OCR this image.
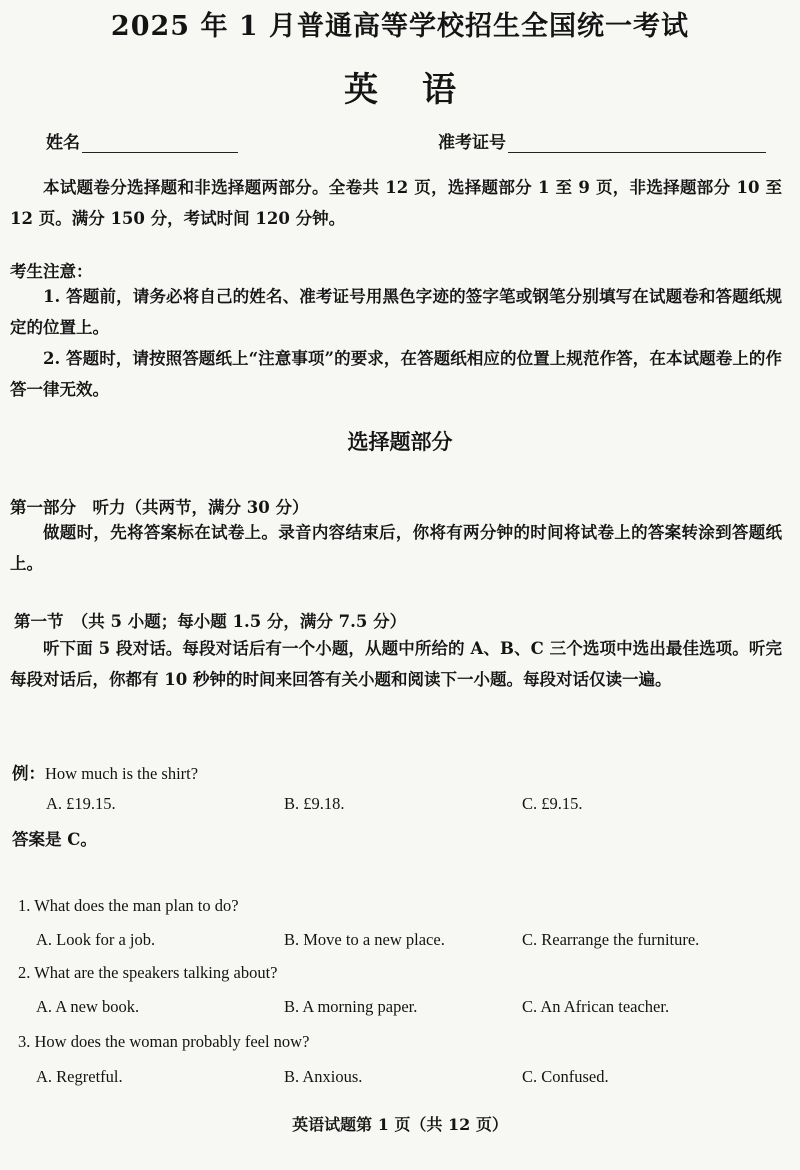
2025 年 1 月普通高等学校招生全国统一考试
英语
姓名	准考证号

本试题卷分选择题和非选择题两部分。全卷共 12 页，选择题部分 1 至 9 页，非选择题部分 10 至 12 页。满分 150 分，考试时间 120 分钟。

考生注意：

1. 答题前，请务必将自己的姓名、准考证号用黑色字迹的签字笔或钢笔分别填写在试题卷和答题纸规定的位置上。

2. 答题时，请按照答题纸上“注意事项”的要求，在答题纸相应的位置上规范作答，在本试题卷上的作答一律无效。

选择题部分

第一部分　听力（共两节，满分 30 分）

做题时，先将答案标在试卷上。录音内容结束后，你将有两分钟的时间将试卷上的答案转涂到答题纸上。

第一节　（共 5 小题；每小题 1.5 分，满分 7.5 分）

听下面 5 段对话。每段对话后有一个小题，从题中所给的 A、B、C 三个选项中选出最佳选项。听完每段对话后，你都有 10 秒钟的时间来回答有关小题和阅读下一小题。每段对话仅读一遍。

例：How much is the shirt?

A. £19.15.	B. £9.18.	C. £9.15.

答案是 C。

1. What does the man plan to do?

A. Look for a job.	B. Move to a new place.	C. Rearrange the furniture.

2. What are the speakers talking about?

A. A new book.	B. A morning paper.	C. An African teacher.

3. How does the woman probably feel now?

A. Regretful.	B. Anxious.	C. Confused.

英语试题第 1 页（共 12 页）
